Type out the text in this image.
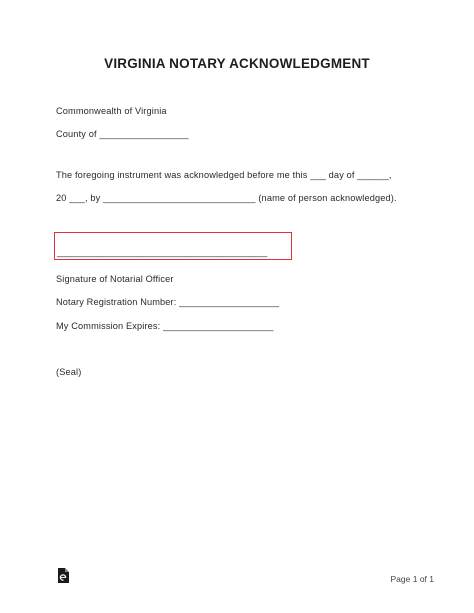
VIRGINIA NOTARY ACKNOWLEDGMENT
Commonwealth of Virginia
County of _________________
The foregoing instrument was acknowledged before me this ___ day of ______,
20 ___, by _____________________________ (name of person acknowledged).
________________________________________
Signature of Notarial Officer
Notary Registration Number: ___________________
My Commission Expires: _____________________
(Seal)
Page 1 of 1
